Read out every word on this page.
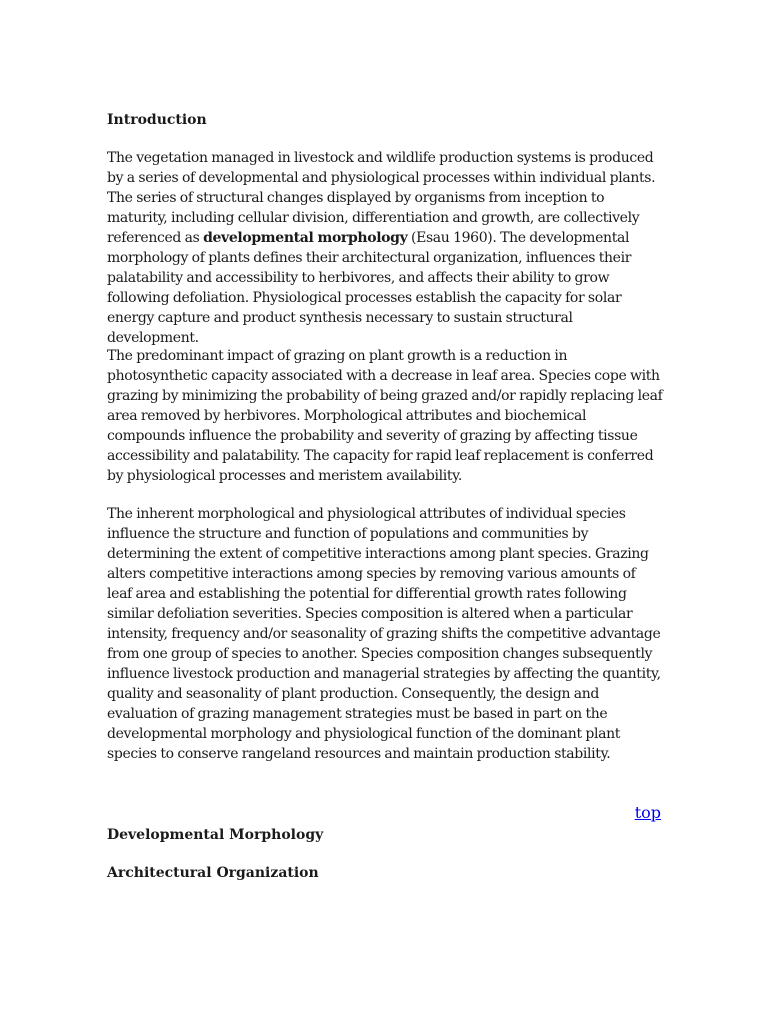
Introduction

The vegetation managed in livestock and wildlife production systems is produced by a series of developmental and physiological processes within individual plants. The series of structural changes displayed by organisms from inception to maturity, including cellular division, differentiation and growth, are collectively referenced as developmental morphology (Esau 1960). The developmental morphology of plants defines their architectural organization, influences their palatability and accessibility to herbivores, and affects their ability to grow following defoliation. Physiological processes establish the capacity for solar energy capture and product synthesis necessary to sustain structural development.

The predominant impact of grazing on plant growth is a reduction in photosynthetic capacity associated with a decrease in leaf area. Species cope with grazing by minimizing the probability of being grazed and/or rapidly replacing leaf area removed by herbivores. Morphological attributes and biochemical compounds influence the probability and severity of grazing by affecting tissue accessibility and palatability. The capacity for rapid leaf replacement is conferred by physiological processes and meristem availability.

The inherent morphological and physiological attributes of individual species influence the structure and function of populations and communities by determining the extent of competitive interactions among plant species. Grazing alters competitive interactions among species by removing various amounts of leaf area and establishing the potential for differential growth rates following similar defoliation severities. Species composition is altered when a particular intensity, frequency and/or seasonality of grazing shifts the competitive advantage from one group of species to another. Species composition changes subsequently influence livestock production and managerial strategies by affecting the quantity, quality and seasonality of plant production. Consequently, the design and evaluation of grazing management strategies must be based in part on the developmental morphology and physiological function of the dominant plant species to conserve rangeland resources and maintain production stability.

top
Developmental Morphology
Architectural Organization
